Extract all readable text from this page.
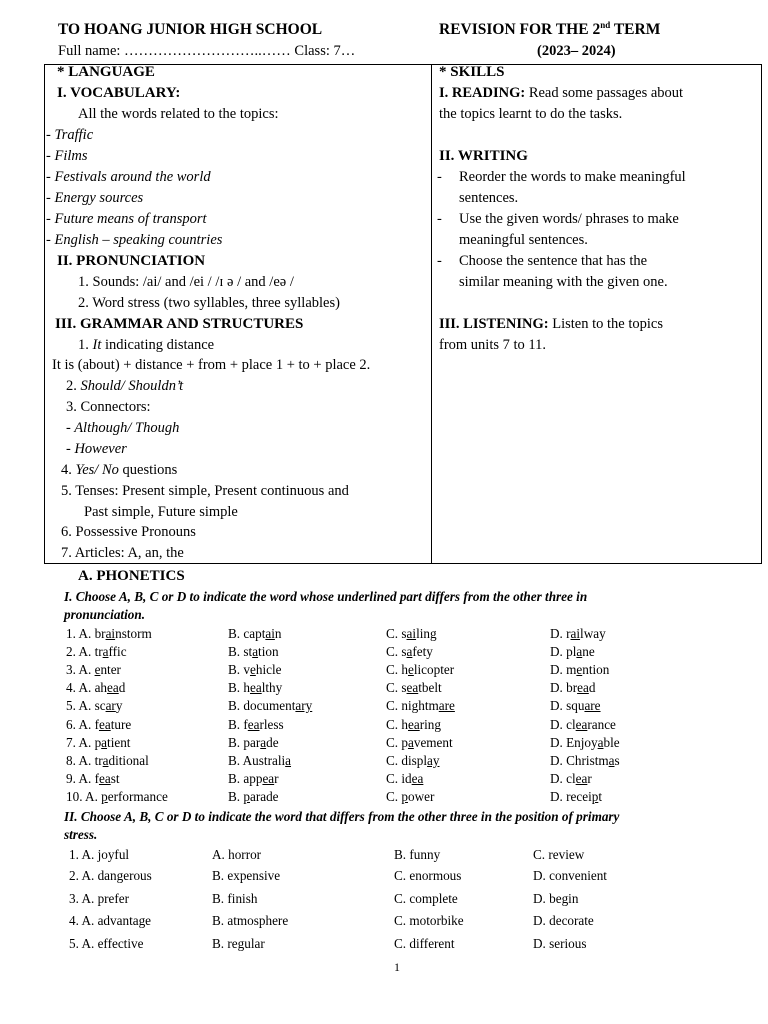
TO HOANG JUNIOR HIGH SCHOOL	REVISION FOR THE 2nd TERM
Full name: ………………………..…… Class: 7…	(2023– 2024)
* LANGUAGE
I. VOCABULARY:
All the words related to the topics:
- Traffic
- Films
- Festivals around the world
- Energy sources
- Future means of transport
- English – speaking countries
II. PRONUNCIATION
1. Sounds: /ai/ and /ei / /ɪ ə / and /eə /
2. Word stress (two syllables, three syllables)
III. GRAMMAR AND STRUCTURES
1. It indicating distance
It is (about) + distance + from + place 1 + to + place 2.
2. Should/ Shouldn’t
3. Connectors:
- Although/ Though
- However
4. Yes/ No questions
5. Tenses: Present simple, Present continuous and
Past simple, Future simple
6. Possessive Pronouns
7. Articles: A, an, the
* SKILLS
I. READING: Read some passages about
the topics learnt to do the tasks.
II. WRITING
- Reorder the words to make meaningful
sentences.
- Use the given words/ phrases to make
meaningful sentences.
- Choose the sentence that has the
similar meaning with the given one.
III. LISTENING: Listen to the topics
from units 7 to 11.
A. PHONETICS
I. Choose A, B, C or D to indicate the word whose underlined part differs from the other three in
pronunciation.
1. A. brainstorm	B. captain	C. sailing	D. railway
2. A. traffic	B. station	C. safety	D. plane
3. A. enter	B. vehicle	C. helicopter	D. mention
4. A. ahead	B. healthy	C. seatbelt	D. bread
5. A. scary	B. documentary	C. nightmare	D. square
6. A. feature	B. fearless	C. hearing	D. clearance
7. A. patient	B. parade	C. pavement	D. Enjoyable
8. A. traditional	B. Australia	C. display	D. Christmas
9. A. feast	B. appear	C. idea	D. clear
10. A. performance	B. parade	C. power	D. receipt
II. Choose A, B, C or D to indicate the word that differs from the other three in the position of primary
stress.
1. A. joyful	A. horror	B. funny	C. review
2. A. dangerous	B. expensive	C. enormous	D. convenient
3. A. prefer	B. finish	C. complete	D. begin
4. A. advantage	B. atmosphere	C. motorbike	D. decorate
5. A. effective	B. regular	C. different	D. serious
1
